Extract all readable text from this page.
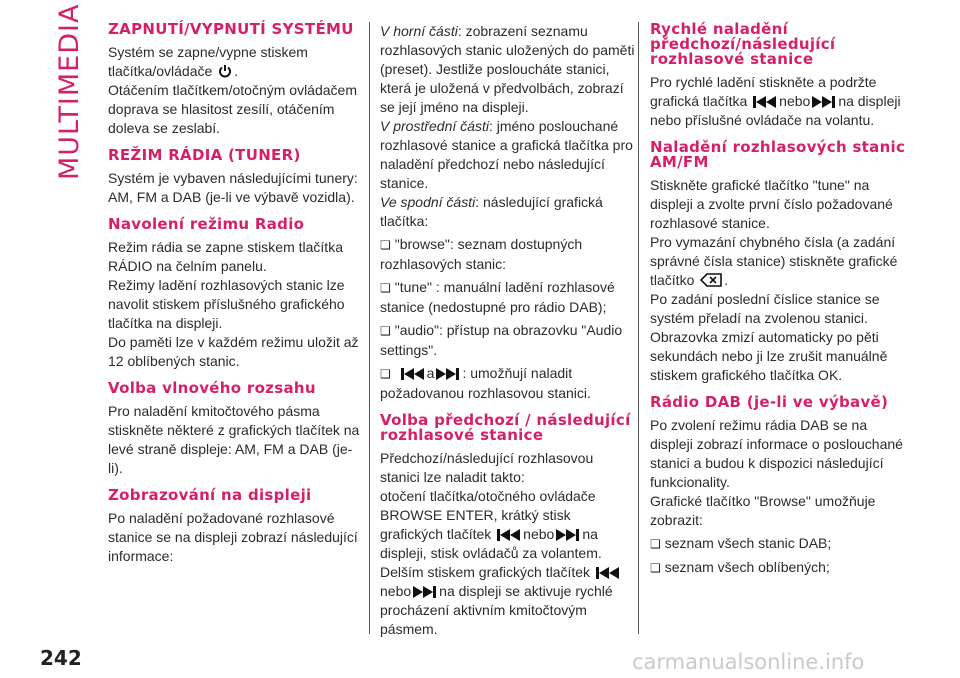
MULTIMEDIA ZAPNUTÍ/VYPNUTÍ SYSTÉMU

Systém se zapne/vypne stiskem tlačítka/ovládače .

Otáčením tlačítkem/otočným ovládačem doprava se hlasitost zesílí, otáčením doleva se zeslabí.

REŽIM RÁDIA (TUNER)

Systém je vybaven následujícími tunery: AM, FM a DAB (je-li ve výbavě vozidla).

Navolení režimu Radio

Režim rádia se zapne stiskem tlačítka RÁDIO na čelním panelu.

Režimy ladění rozhlasových stanic lze navolit stiskem příslušného grafického tlačítka na displeji.

Do paměti lze v každém režimu uložit až 12 oblíbených stanic.

Volba vlnového rozsahu

Pro naladění kmitočtového pásma stiskněte některé z grafických tlačítek na levé straně displeje: AM, FM a DAB (je-li).

Zobrazování na displeji

Po naladění požadované rozhlasové stanice se na displeji zobrazí následující informace:

V horní části: zobrazení seznamu rozhlasových stanic uložených do paměti (preset). Jestliže posloucháte stanici, která je uložená v předvolbách, zobrazí se její jméno na displeji.

V prostřední části: jméno poslouchané rozhlasové stanice a grafická tlačítka pro naladění předchozí nebo následující stanice.

Ve spodní části: následující grafická tlačítka:

❑ "browse": seznam dostupných rozhlasových stanic:

❑ "tune" : manuální ladění rozhlasové stanice (nedostupné pro rádio DAB);

❑ "audio": přístup na obrazovku "Audio settings".

❑ a : umožňují naladit požadovanou rozhlasovou stanici.

Volba předchozí / následující rozhlasové stanice

Předchozí/následující rozhlasovou stanici lze naladit takto:

otočení tlačítka/otočného ovládače BROWSE ENTER, krátký stisk grafických tlačítek nebo na displeji, stisk ovládačů za volantem.

Delším stiskem grafických tlačítek nebo na displeji se aktivuje rychlé procházení aktivním kmitočtovým pásmem.

Rychlé naladění předchozí/následující rozhlasové stanice

Pro rychlé ladění stiskněte a podržte grafická tlačítka nebo na displeji nebo příslušné ovládače na volantu.

Naladění rozhlasových stanic AM/FM

Stiskněte grafické tlačítko "tune" na displeji a zvolte první číslo požadované rozhlasové stanice.

Pro vymazání chybného čísla (a zadání správné čísla stanice) stiskněte grafické tlačítko .

Po zadání poslední číslice stanice se systém přeladí na zvolenou stanici. Obrazovka zmizí automaticky po pěti sekundách nebo ji lze zrušit manuálně stiskem grafického tlačítka OK.

Rádio DAB (je-li ve výbavě)

Po zvolení režimu rádia DAB se na displeji zobrazí informace o poslouchané stanici a budou k dispozici následující funkcionality.

Grafické tlačítko "Browse" umožňuje zobrazit:

❑ seznam všech stanic DAB;

❑ seznam všech oblíbených;

242	carmanualsonline.info
